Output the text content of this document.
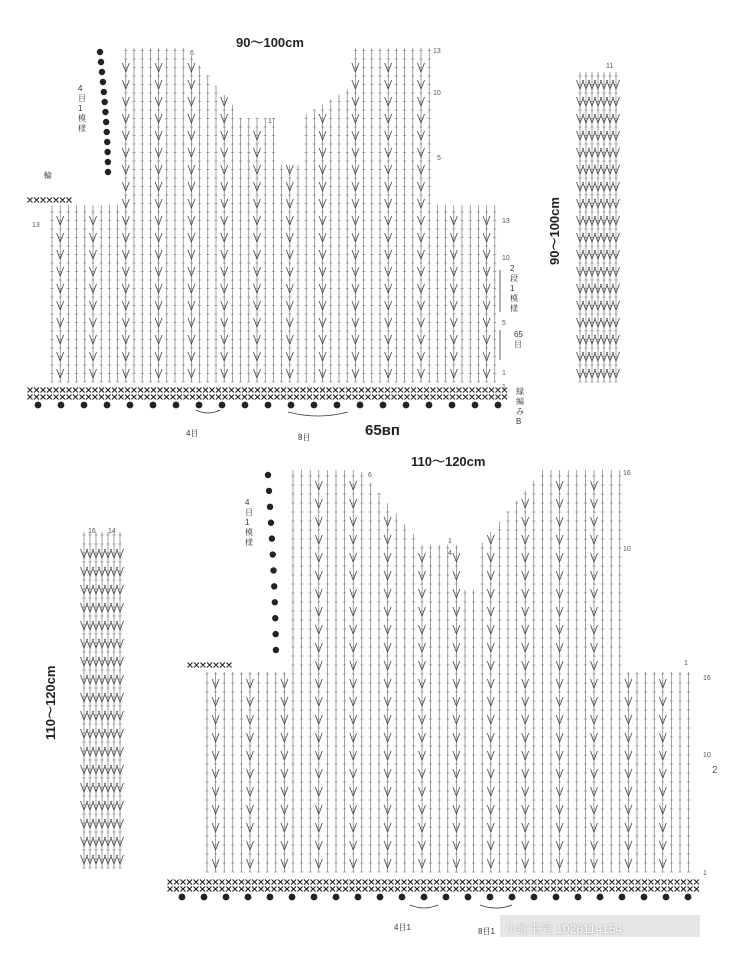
90〜100cm
90〜100cm
65вп
4目1模様
2段1模様
65目
輪
縁編みB
4目	8目
6	13
10
1
5
13
10
5
1
1
13
11
110〜120cm
110〜120cm
4目1模様
4目1	8目1
6	16
10
1
4
16
10
2
16 14
1
1
小红书号 1026114154
